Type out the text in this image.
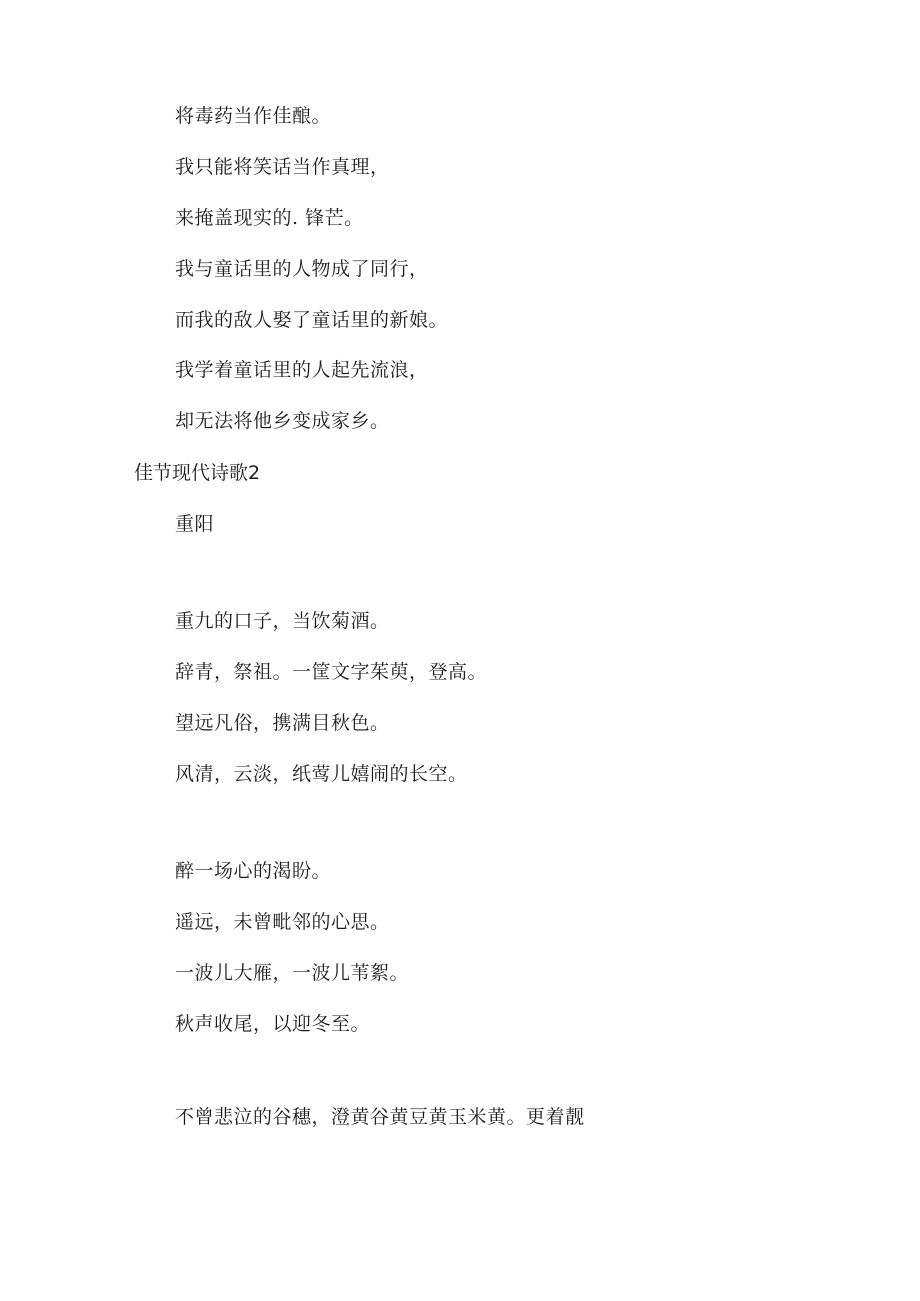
将毒药当作佳酿。
我只能将笑话当作真理，
来掩盖现实的. 锋芒。
我与童话里的人物成了同行，
而我的敌人娶了童话里的新娘。
我学着童话里的人起先流浪，
却无法将他乡变成家乡。
佳节现代诗歌2
重阳
重九的口子，当饮菊酒。
辞青，祭祖。一筐文字茱萸，登高。
望远凡俗，携满目秋色。
风清，云淡，纸莺儿嬉闹的长空。
醉一场心的渴盼。
遥远，未曾毗邻的心思。
一波儿大雁，一波儿苇絮。
秋声收尾，以迎冬至。
不曾悲泣的谷穗，澄黄谷黄豆黄玉米黄。更着靓
